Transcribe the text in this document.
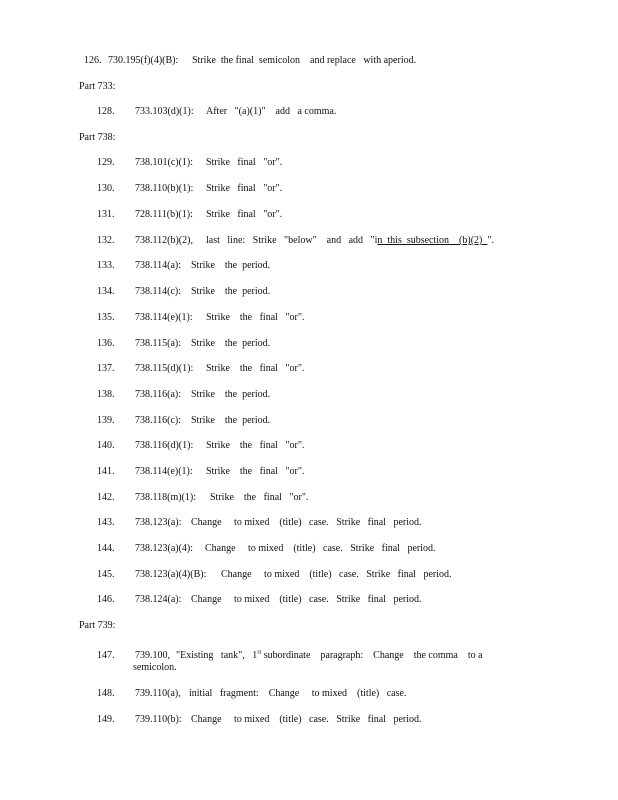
126. 730.195(f)(4)(B): Strike  the final  semicolon    and replace   with aperiod.
Part 733:
128. 733.103(d)(1): After   "(a)(1)"    add   a comma.
Part 738:
129. 738.101(c)(1): Strike   final   "or".
130. 738.110(b)(1): Strike   final   "or".
131. 728.111(b)(1): Strike   final   "or".
132. 738.112(b)(2), last   line:   Strike   "below"    and   add   "in  this  subsection    (b)(2)  ".
133. 738.114(a): Strike    the  period.
134. 738.114(c): Strike    the  period.
135. 738.114(e)(1): Strike    the   final   "or".
136. 738.115(a): Strike    the  period.
137. 738.115(d)(1): Strike    the   final   "or".
138. 738.116(a): Strike    the  period.
139. 738.116(c): Strike    the  period.
140. 738.116(d)(1): Strike    the   final   "or".
141. 738.114(e)(1): Strike    the   final   "or".
142. 738.118(m)(1): Strike    the   final   "or".
143. 738.123(a): Change     to mixed    (title)   case.   Strike   final   period.
144. 738.123(a)(4): Change     to mixed    (title)   case.   Strike   final   period.
145. 738.123(a)(4)(B): Change     to mixed    (title)   case.   Strike   final   period.
146. 738.124(a): Change     to mixed    (title)   case.   Strike   final   period.
Part 739:
147. 739.100, "Existing   tank",   1st subordinate    paragraph:    Change    the comma    to a
semicolon.
148. 739.110(a), initial   fragment:    Change     to mixed    (title)   case.
149. 739.110(b): Change     to mixed    (title)   case.   Strike   final   period.
